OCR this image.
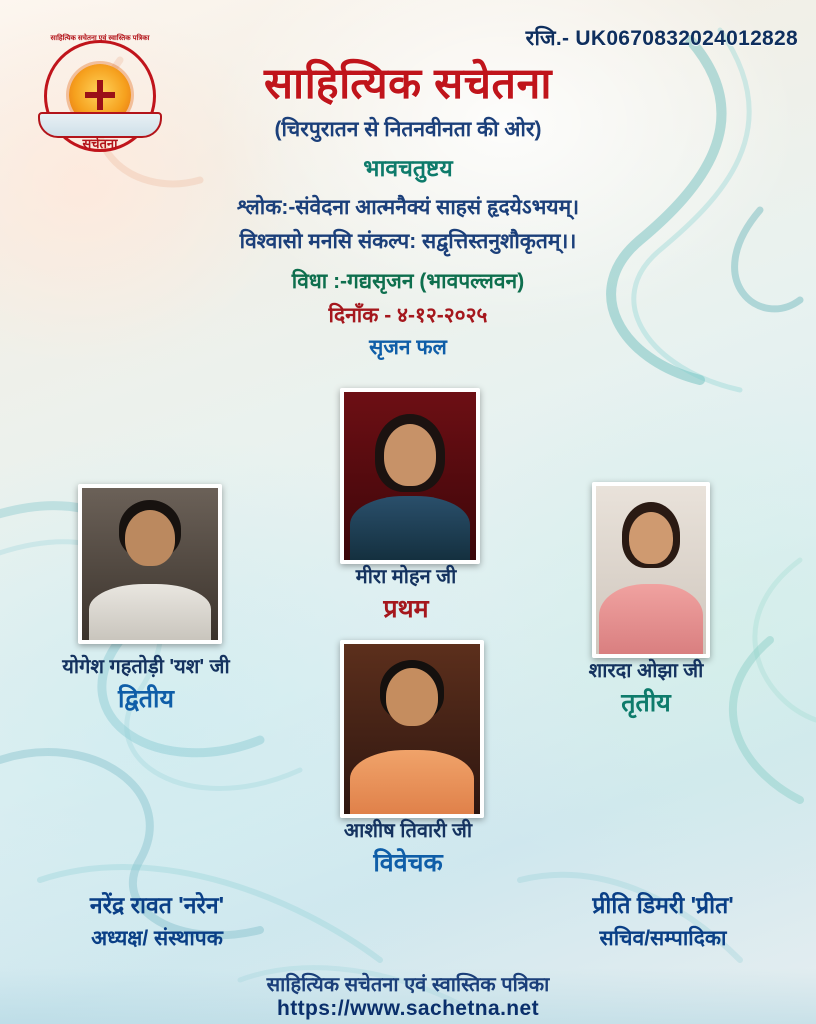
रजि.- UK0670832024012828
साहित्यिक सचेतना एवं स्वास्तिक पत्रिका
सचेतना
साहित्यिक सचेतना
(चिरपुरातन से नितनवीनता की ओर)
भावचतुष्टय
श्लोक:-संवेदना आत्मनैक्यं साहसं हृदयेऽभयम्।
विश्वासो मनसि संकल्प: सद्वृत्तिस्तनुशौकृतम्।।
विधा :-गद्यसृजन (भावपल्लवन)
दिनाँक - ४-१२-२०२५
सृजन फल
मीरा मोहन जी
प्रथम
योगेश गहतोड़ी 'यश' जी
द्वितीय
शारदा ओझा जी
तृतीय
आशीष तिवारी जी
विवेचक
नरेंद्र रावत 'नरेन'
अध्यक्ष/ संस्थापक
प्रीति डिमरी 'प्रीत'
सचिव/सम्पादिका
साहित्यिक सचेतना एवं स्वास्तिक पत्रिका
https://www.sachetna.net
